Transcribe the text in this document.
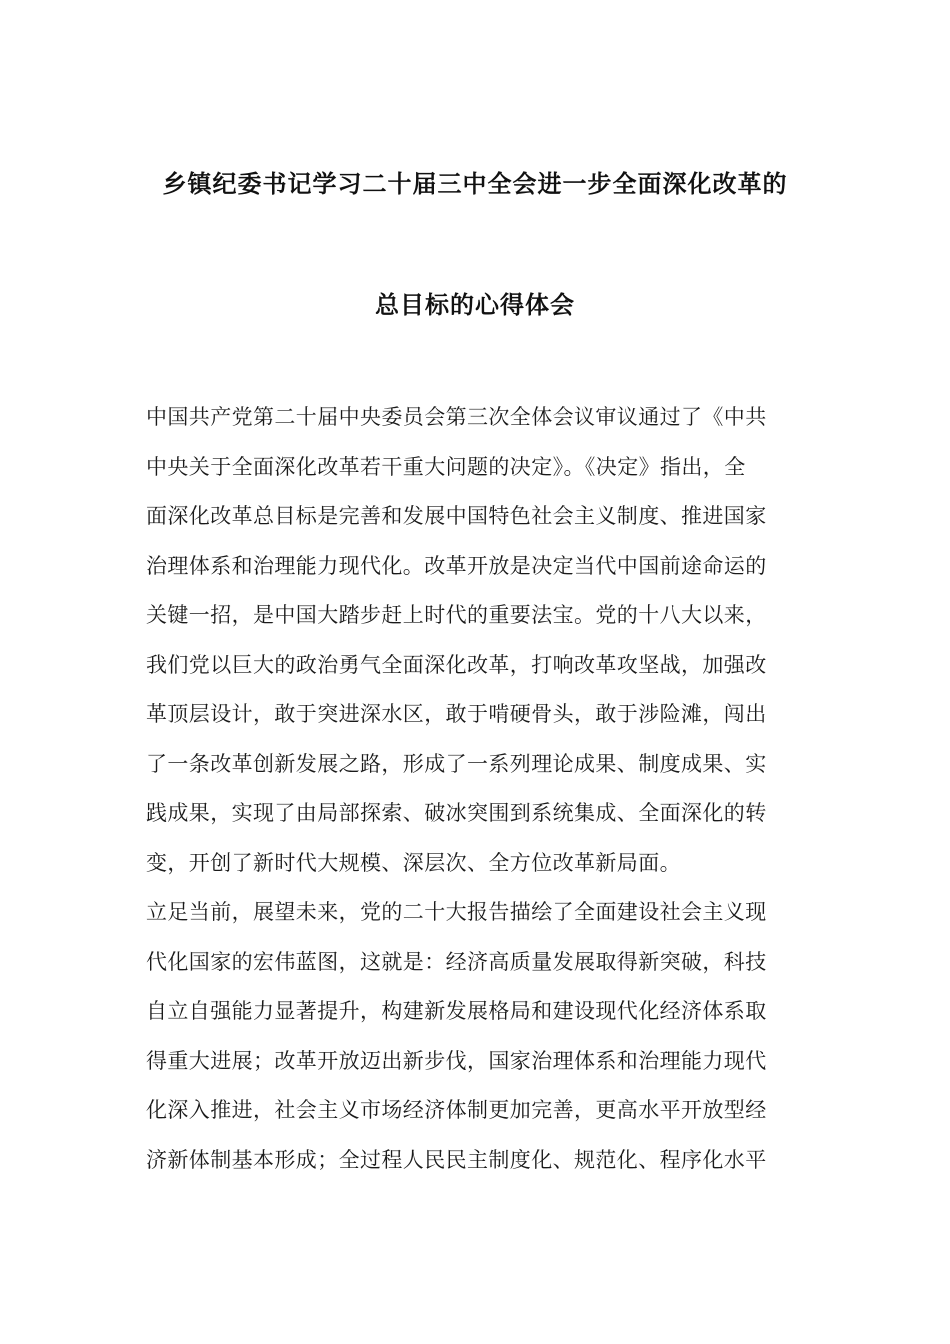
乡镇纪委书记学习二十届三中全会进一步全面深化改革的
总目标的心得体会
中国共产党第二十届中央委员会第三次全体会议审议通过了《中共
中央关于全面深化改革若干重大问题的决定》。《决定》指出，全
面深化改革总目标是完善和发展中国特色社会主义制度、推进国家
治理体系和治理能力现代化。改革开放是决定当代中国前途命运的
关键一招，是中国大踏步赶上时代的重要法宝。党的十八大以来，
我们党以巨大的政治勇气全面深化改革，打响改革攻坚战，加强改
革顶层设计，敢于突进深水区，敢于啃硬骨头，敢于涉险滩，闯出
了一条改革创新发展之路，形成了一系列理论成果、制度成果、实
践成果，实现了由局部探索、破冰突围到系统集成、全面深化的转
变，开创了新时代大规模、深层次、全方位改革新局面。
立足当前，展望未来，党的二十大报告描绘了全面建设社会主义现
代化国家的宏伟蓝图，这就是：经济高质量发展取得新突破，科技
自立自强能力显著提升，构建新发展格局和建设现代化经济体系取
得重大进展；改革开放迈出新步伐，国家治理体系和治理能力现代
化深入推进，社会主义市场经济体制更加完善，更高水平开放型经
济新体制基本形成；全过程人民民主制度化、规范化、程序化水平
